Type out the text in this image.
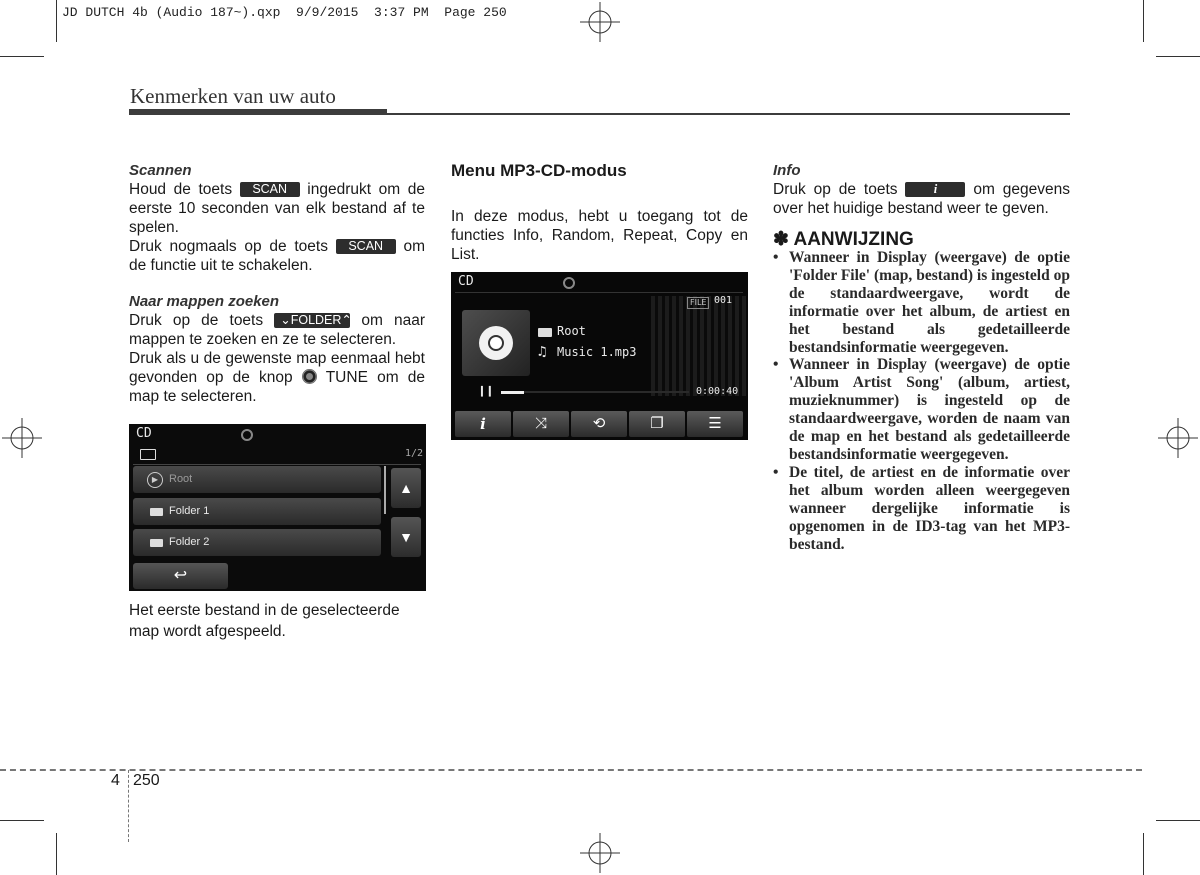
JD DUTCH 4b (Audio 187~).qxp  9/9/2015  3:37 PM  Page 250
Kenmerken van uw auto

Scannen

Houd de toets SCAN ingedrukt om de eerste 10 seconden van elk bestand af te spelen.

Druk nogmaals op de toets SCAN om de functie uit te schakelen.

Naar mappen zoeken

Druk op de toets ⌄FOLDER⌃ om naar mappen te zoeken en ze te selecteren.

Druk als u de gewenste map eenmaal hebt gevonden op de knop TUNE om de map te selecteren.

CD
1/2
▶ Root
Folder 1
Folder 2
▲
▼
↩
Het eerste bestand in de geselecteerde map wordt afgespeeld.

Menu MP3-CD-modus

In deze modus, hebt u toegang tot de functies Info, Random, Repeat, Copy en List.

CD
FILE 001
Root
♫ Music 1.mp3
❙❙	0:00:40
i	⤨	⟲	❐	☰

Info

Druk op de toets	i om gegevens over het huidige bestand weer te geven.

✽ AANWIJZING

• Wanneer in Display (weergave) de optie 'Folder File' (map, bestand) is ingesteld op de standaardweergave, wordt de informatie over het album, de artiest en het bestand als gedetailleerde bestandsinformatie weergegeven.
• Wanneer in Display (weergave) de optie 'Album Artist Song' (album, artiest, muzieknummer) is ingesteld op de standaardweergave, worden de naam van de map en het bestand als gedetailleerde bestandsinformatie weergegeven.
• De titel, de artiest en de informatie over het album worden alleen weergegeven wanneer dergelijke informatie is opgenomen in de ID3-tag van het MP3-bestand.
4 250
